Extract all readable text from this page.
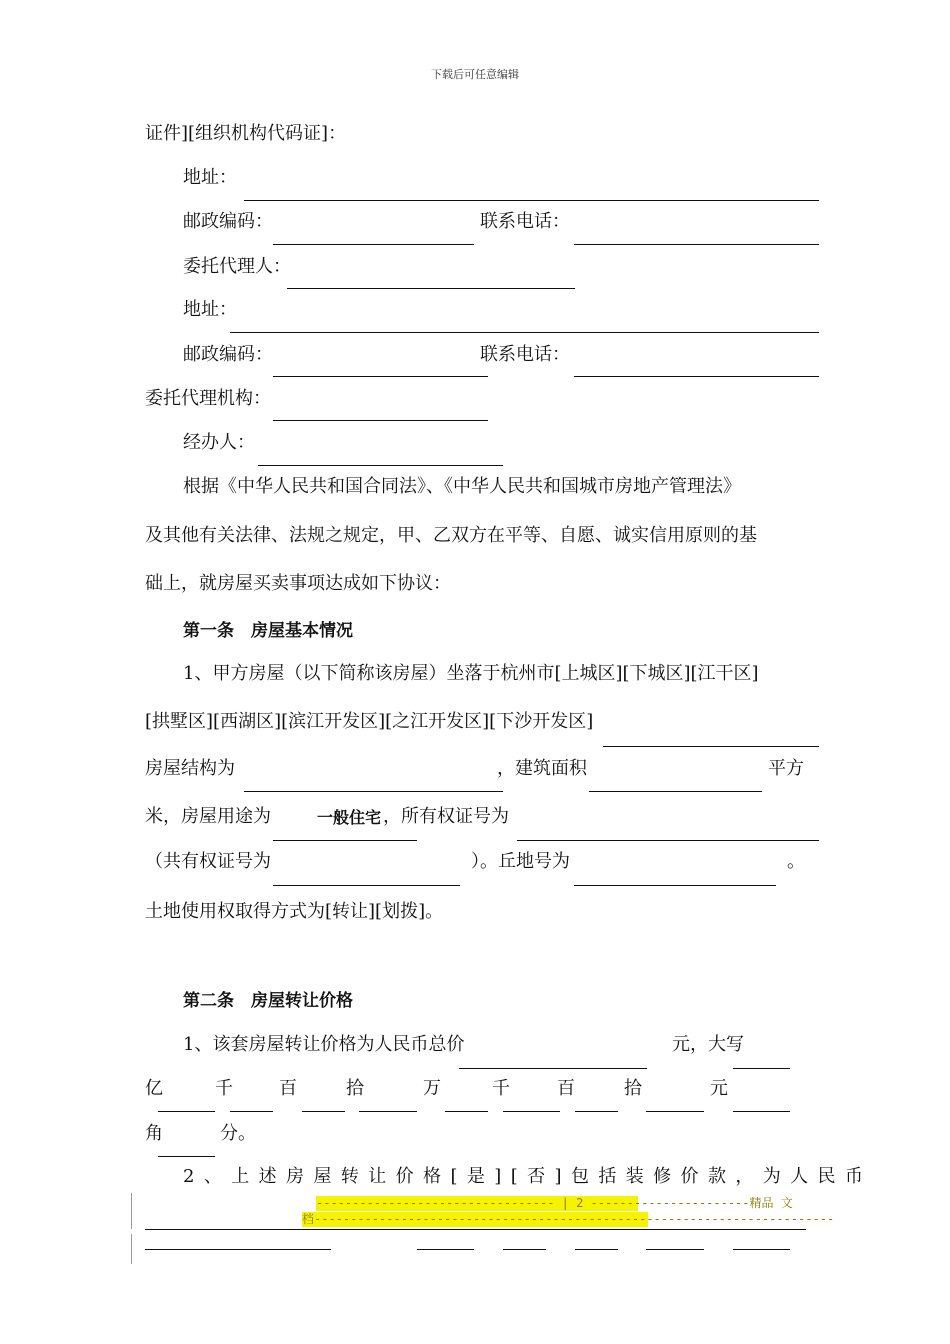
下载后可任意编辑
证件][组织机构代码证]：
地址：
邮政编码：	联系电话：
委托代理人：
地址：
邮政编码：	联系电话：
委托代理机构：
经办人：
根据《中华人民共和国合同法》、《中华人民共和国城市房地产管理法》
及其他有关法律、法规之规定，甲、乙双方在平等、自愿、诚实信用原则的基
础上，就房屋买卖事项达成如下协议：
第一条　房屋基本情况
1、甲方房屋（以下简称该房屋）坐落于杭州市[上城区][下城区][江干区]
[拱墅区][西湖区][滨江开发区][之江开发区][下沙开发区]
房屋结构为	，建筑面积	平方
米，房屋用途为	一般住宅 ，所有权证号为
（共有权证号为	）。丘地号为	。
土地使用权取得方式为[转让][划拨]。
第二条　房屋转让价格
1、该套房屋转让价格为人民币总价	元，大写
亿	千	百	拾	万	千	百	拾	元
角	分。
2、上述房屋转让价格[是][否]包括装修价款，为人民币
--------------------------------- | 2 ----------------------精品 文
档------------------------------------------------------------------------
